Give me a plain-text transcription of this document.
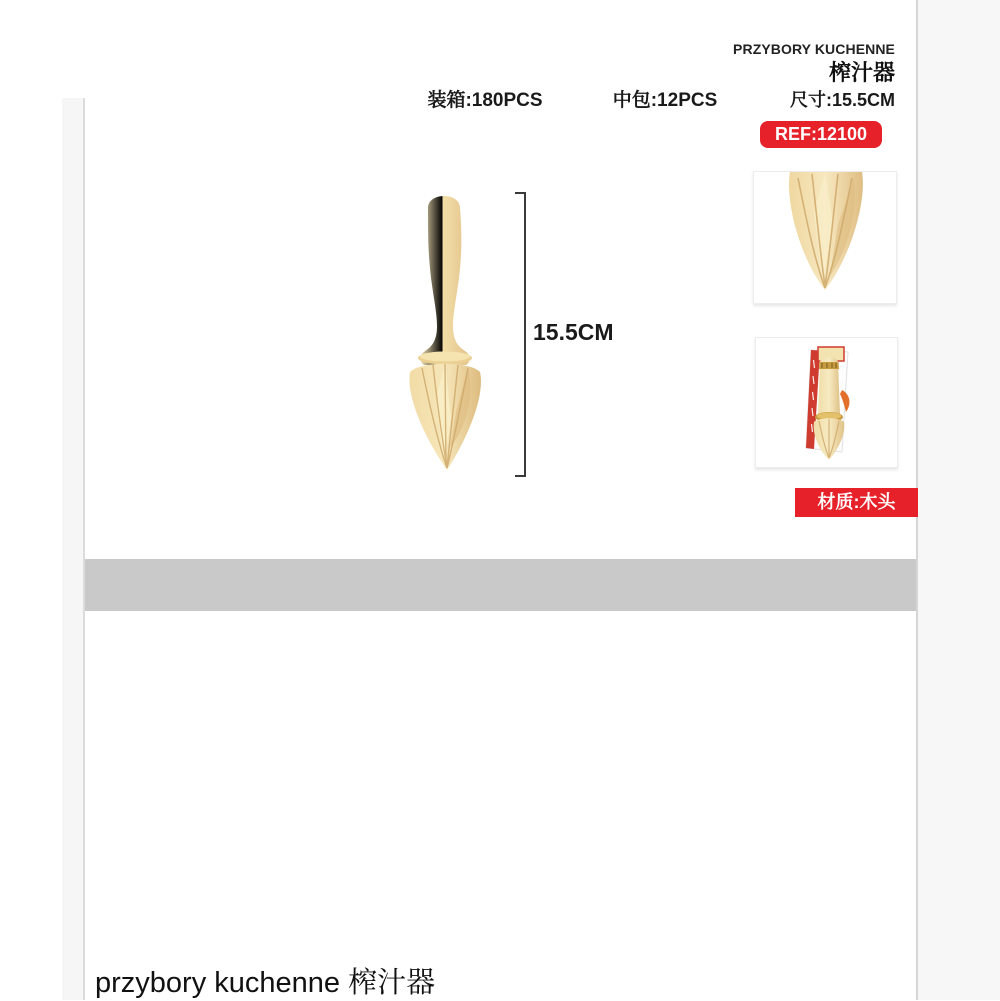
PRZYBORY KUCHENNE
榨汁器
尺寸:15.5CM
REF:12100
装箱:180PCS	中包:12PCS
15.5CM
材质:木头
przybory kuchenne 榨汁器
